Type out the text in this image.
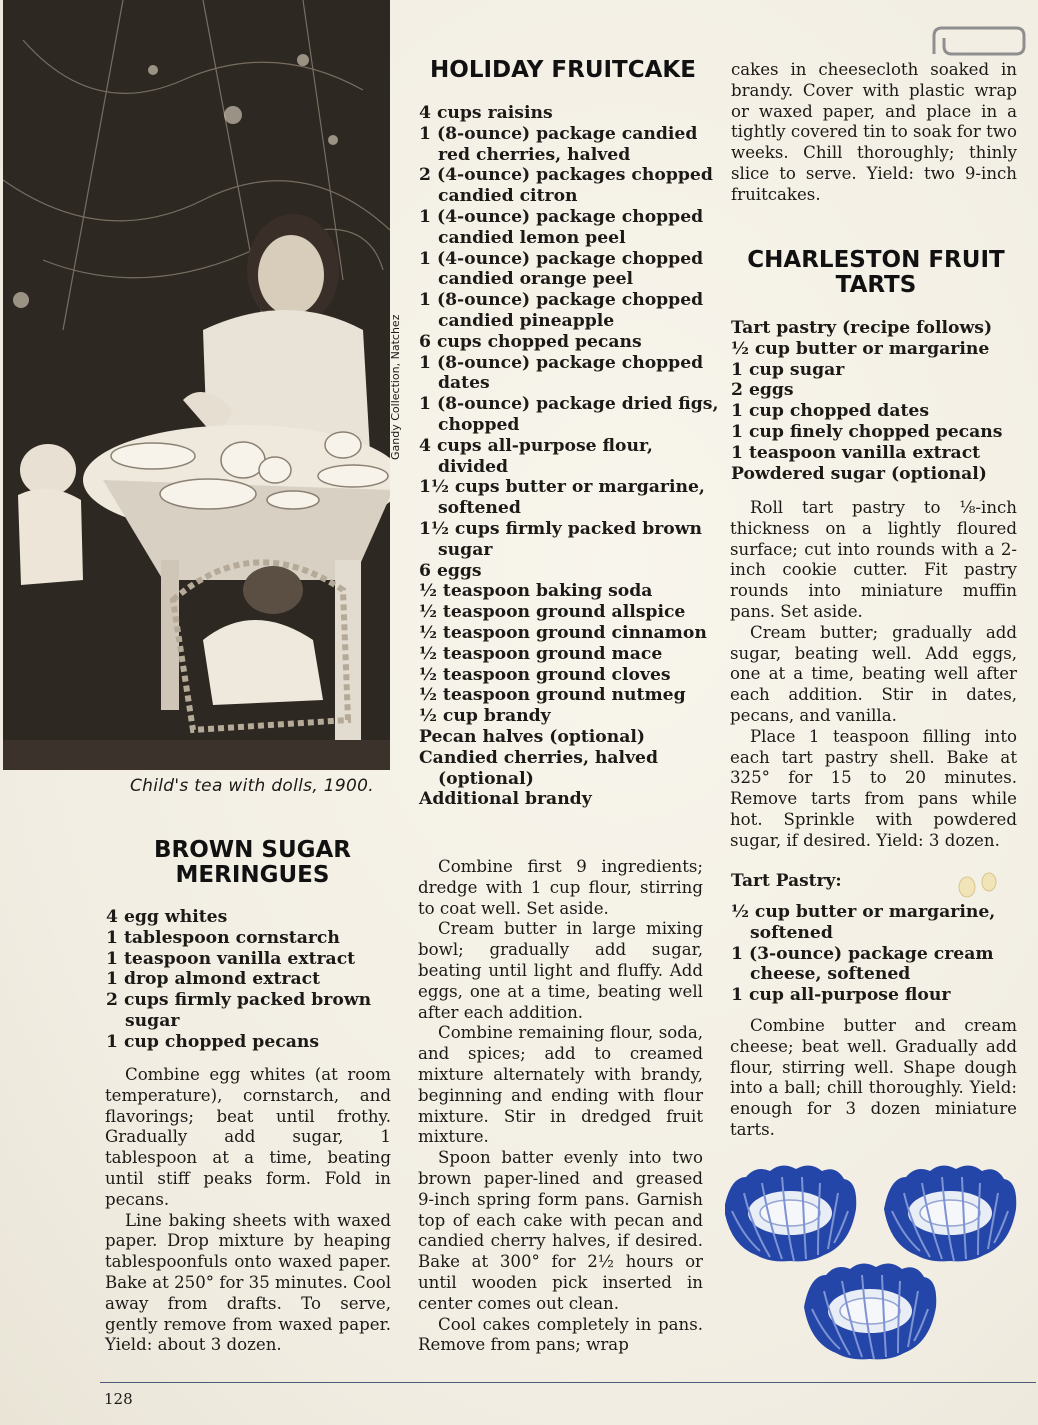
Child's tea with dolls, 1900.
Gandy Collection, Natchez
HOLIDAY FRUITCAKE
4 cups raisins
1 (8-ounce) package candied red cherries, halved
2 (4-ounce) packages chopped candied citron
1 (4-ounce) package chopped candied lemon peel
1 (4-ounce) package chopped candied orange peel
1 (8-ounce) package chopped candied pineapple
6 cups chopped pecans
1 (8-ounce) package chopped dates
1 (8-ounce) package dried figs, chopped
4 cups all-purpose flour, divided
1½ cups butter or margarine, softened
1½ cups firmly packed brown sugar
6 eggs
½ teaspoon baking soda
½ teaspoon ground allspice
½ teaspoon ground cinnamon
½ teaspoon ground mace
½ teaspoon ground cloves
½ teaspoon ground nutmeg
½ cup brandy
Pecan halves (optional)
Candied cherries, halved (optional)
Additional brandy

Combine first 9 ingredients; dredge with 1 cup flour, stirring to coat well. Set aside.

Cream butter in large mixing bowl; gradually add sugar, beating until light and fluffy. Add eggs, one at a time, beating well after each addition.

Combine remaining flour, soda, and spices; add to creamed mixture alternately with brandy, beginning and ending with flour mixture. Stir in dredged fruit mixture.

Spoon batter evenly into two brown paper-lined and greased 9-inch spring form pans. Garnish top of each cake with pecan and candied cherry halves, if desired. Bake at 300° for 2½ hours or until wooden pick inserted in center comes out clean.

Cool cakes completely in pans. Remove from pans; wrap

cakes in cheesecloth soaked in brandy. Cover with plastic wrap or waxed paper, and place in a tightly covered tin to soak for two weeks. Chill thoroughly; thinly slice to serve. Yield: two 9-inch fruitcakes.

BROWN SUGAR
MERINGUES
4 egg whites
1 tablespoon cornstarch
1 teaspoon vanilla extract
1 drop almond extract
2 cups firmly packed brown sugar
1 cup chopped pecans

Combine egg whites (at room temperature), cornstarch, and flavorings; beat until frothy. Gradually add sugar, 1 tablespoon at a time, beating until stiff peaks form. Fold in pecans.

Line baking sheets with waxed paper. Drop mixture by heaping tablespoonfuls onto waxed paper. Bake at 250° for 35 minutes. Cool away from drafts. To serve, gently remove from waxed paper. Yield: about 3 dozen.

CHARLESTON FRUIT
TARTS
Tart pastry (recipe follows)
½ cup butter or margarine
1 cup sugar
2 eggs
1 cup chopped dates
1 cup finely chopped pecans
1 teaspoon vanilla extract
Powdered sugar (optional)

Roll tart pastry to ⅛-inch thickness on a lightly floured surface; cut into rounds with a 2-inch cookie cutter. Fit pastry rounds into miniature muffin pans. Set aside.

Cream butter; gradually add sugar, beating well. Add eggs, one at a time, beating well after each addition. Stir in dates, pecans, and vanilla.

Place 1 teaspoon filling into each tart pastry shell. Bake at 325° for 15 to 20 minutes. Remove tarts from pans while hot. Sprinkle with powdered sugar, if desired. Yield: 3 dozen.

Tart Pastry:
½ cup butter or margarine, softened
1 (3-ounce) package cream cheese, softened
1 cup all-purpose flour

Combine butter and cream cheese; beat well. Gradually add flour, stirring well. Shape dough into a ball; chill thoroughly. Yield: enough for 3 dozen miniature tarts.

128
